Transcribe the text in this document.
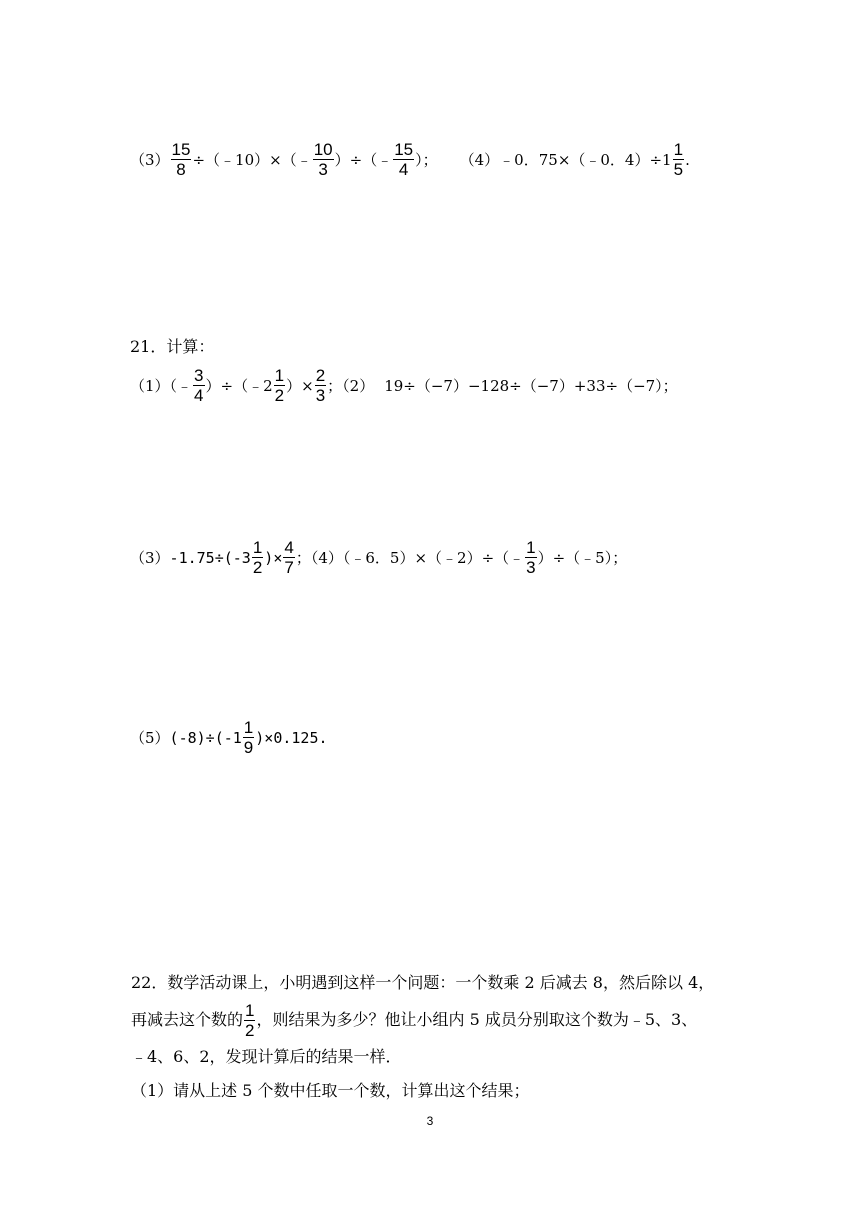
$(3) \frac{15}{8}$ ÷（﹣10）×（﹣ $\frac{10}{3}$ ）÷（﹣ $\frac{15}{4}$ ）； （4）﹣0．75×（﹣0．$4)\div 1 \frac{1}{5}$ .
21．计算：
（1）（﹣ $\frac{3}{4}$ ）÷（﹣2 $\frac{1}{2}$ ）× $\frac{2}{3}$ ；（2） 19÷（−7）−128÷（−7）+33÷（−7）；
（3） $-1.75\div(-3 \frac{1}{2}$ )× $\frac{4}{7}$ ；（4）（﹣6．5）×（﹣2）÷（﹣ $\frac{1}{3}$ ）÷（﹣5）；
（5） $(-8)\div(-1 \frac{1}{9} )\times 0.125$.
22．数学活动课上，小明遇到这样一个问题：一个数乘 2 后减去 8，然后除以 4，
再减去这个数的 $\frac{1}{2}$ ，则结果为多少？他让小组内 5 成员分别取这个数为﹣5、3、
﹣4、6、2，发现计算后的结果一样．
（1）请从上述 5 个数中任取一个数，计算出这个结果；
3
